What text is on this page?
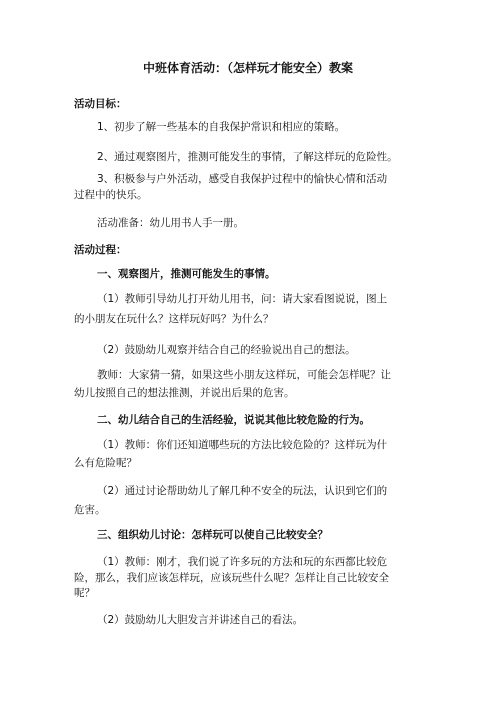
中班体育活动：（怎样玩才能安全）教案
活动目标：
1、初步了解一些基本的自我保护常识和相应的策略。
2、通过观察图片，推测可能发生的事情，了解这样玩的危险性。
3、积极参与户外活动，感受自我保护过程中的愉快心情和活动
过程中的快乐。
活动准备：幼儿用书人手一册。
活动过程：
一、观察图片，推测可能发生的事情。
（1）教师引导幼儿打开幼儿用书，问：请大家看图说说，图上
的小朋友在玩什么？这样玩好吗？为什么？
（2）鼓励幼儿观察并结合自己的经验说出自己的想法。
教师：大家猜一猜，如果这些小朋友这样玩，可能会怎样呢？让
幼儿按照自己的想法推测，并说出后果的危害。
二、幼儿结合自己的生活经验，说说其他比较危险的行为。
（1）教师：你们还知道哪些玩的方法比较危险的？这样玩为什
么有危险呢？
（2）通过讨论帮助幼儿了解几种不安全的玩法，认识到它们的
危害。
三、组织幼儿讨论：怎样玩可以使自己比较安全？
（1）教师：刚才，我们说了许多玩的方法和玩的东西都比较危
险，那么，我们应该怎样玩，应该玩些什么呢？怎样让自己比较安全
呢？
（2）鼓励幼儿大胆发言并讲述自己的看法。
